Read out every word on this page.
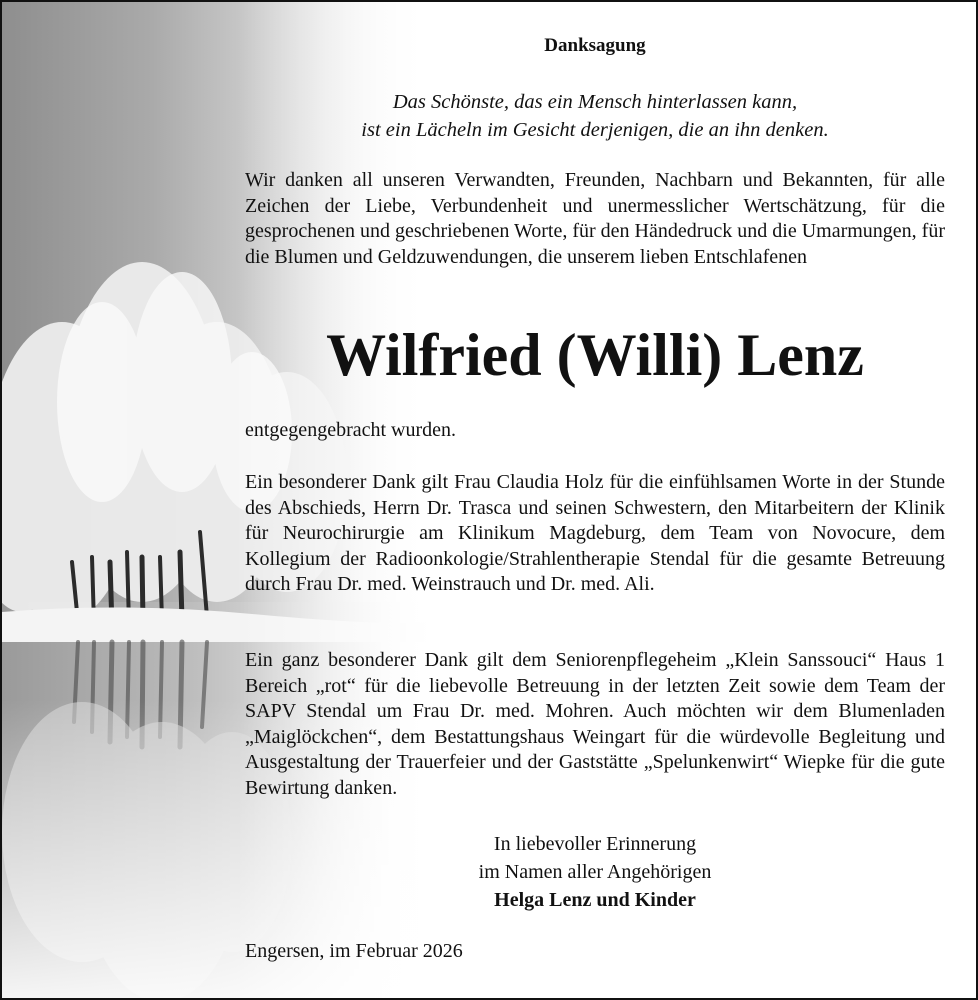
Danksagung
Das Schönste, das ein Mensch hinterlassen kann,
ist ein Lächeln im Gesicht derjenigen, die an ihn denken.

Wir danken all unseren Verwandten, Freunden, Nachbarn und Bekannten, für alle Zeichen der Liebe, Verbundenheit und unermesslicher Wertschätzung, für die gesprochenen und geschriebenen Worte, für den Händedruck und die Umarmungen, für die Blumen und Geldzuwendungen, die unserem lieben Entschlafenen

Wilfried (Willi) Lenz

entgegengebracht wurden.

Ein besonderer Dank gilt Frau Claudia Holz für die einfühlsamen Worte in der Stunde des Abschieds, Herrn Dr. Trasca und seinen Schwestern, den Mitarbeitern der Klinik für Neurochirurgie am Klinikum Magdeburg, dem Team von Novocure, dem Kollegium der Radioonkologie/Strahlentherapie Stendal für die gesamte Betreuung durch Frau Dr. med. Weinstrauch und Dr. med. Ali.

Ein ganz besonderer Dank gilt dem Seniorenpflegeheim „Klein Sanssouci“ Haus 1 Bereich „rot“ für die liebevolle Betreuung in der letzten Zeit sowie dem Team der SAPV Stendal um Frau Dr. med. Mohren. Auch möchten wir dem Blumenladen „Maiglöckchen“, dem Bestattungshaus Weingart für die würdevolle Begleitung und Ausgestaltung der Trauerfeier und der Gaststätte „Spelunkenwirt“ Wiepke für die gute Bewirtung danken.

In liebevoller Erinnerung
im Namen aller Angehörigen
Helga Lenz und Kinder
Engersen, im Februar 2026
